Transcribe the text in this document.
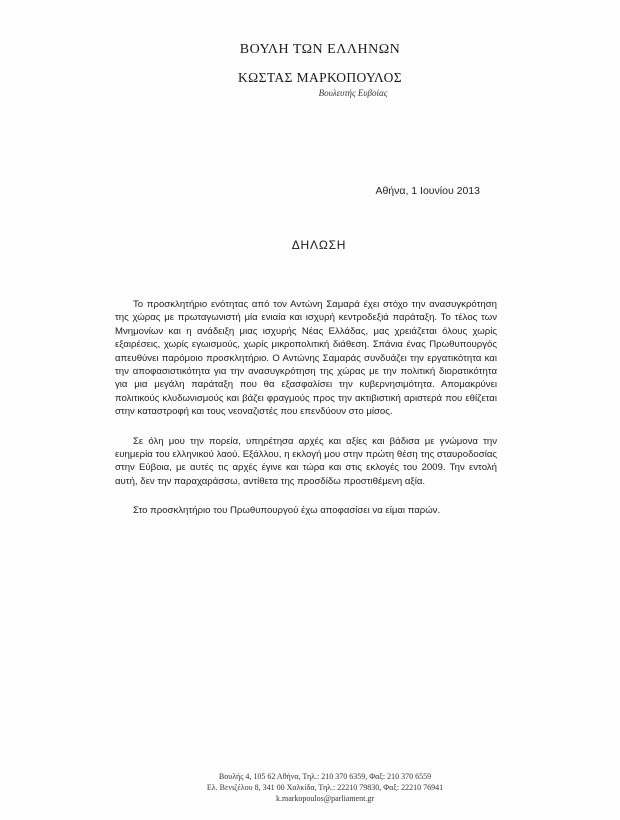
ΒΟΥΛΗ ΤΩΝ ΕΛΛΗΝΩΝ
ΚΩΣΤΑΣ ΜΑΡΚΟΠΟΥΛΟΣ
Βουλευτής Ευβοίας
Αθήνα, 1 Ιουνίου 2013
ΔΗΛΩΣΗ

Το προσκλητήριο ενότητας από τον Αντώνη Σαμαρά έχει στόχο την ανασυγκρότηση της χώρας με πρωταγωνιστή μία ενιαία και ισχυρή κεντροδεξιά παράταξη. Το τέλος των Μνημονίων και η ανάδειξη μιας ισχυρής Νέας Ελλάδας, μας χρειάζεται όλους χωρίς εξαιρέσεις, χωρίς εγωισμούς, χωρίς μικροπολιτική διάθεση. Σπάνια ένας Πρωθυπουργός απευθύνει παρόμοιο προσκλητήριο. Ο Αντώνης Σαμαράς συνδυάζει την εργατικότητα και την αποφασιστικότητα για την ανασυγκρότηση της χώρας με την πολιτική διορατικότητα για μια μεγάλη παράταξη που θα εξασφαλίσει την κυβερνησιμότητα. Απομακρύνει πολιτικούς κλυδωνισμούς και βάζει φραγμούς προς την ακτιβιστική αριστερά που εθίζεται στην καταστροφή και τους νεοναζιστές που επενδύουν στο μίσος.

Σε όλη μου την πορεία, υπηρέτησα αρχές και αξίες και βάδισα με γνώμονα την ευημερία του ελληνικού λαού. Εξάλλου, η εκλογή μου στην πρώτη θέση της σταυροδοσίας στην Εύβοια, με αυτές τις αρχές έγινε και τώρα και στις εκλογές του 2009. Την εντολή αυτή, δεν την παραχαράσσω, αντίθετα της προσδίδω προστιθέμενη αξία.

Στο προσκλητήριο του Πρωθυπουργού έχω αποφασίσει να είμαι παρών.

Βουλής 4, 105 62 Αθήνα, Τηλ.: 210 370 6359, Φαξ: 210 370 6559
Ελ. Βενιζέλου 8, 341 00 Χαλκίδα, Τηλ.: 22210 79830, Φαξ: 22210 76941
k.markopoulos@parliament.gr
